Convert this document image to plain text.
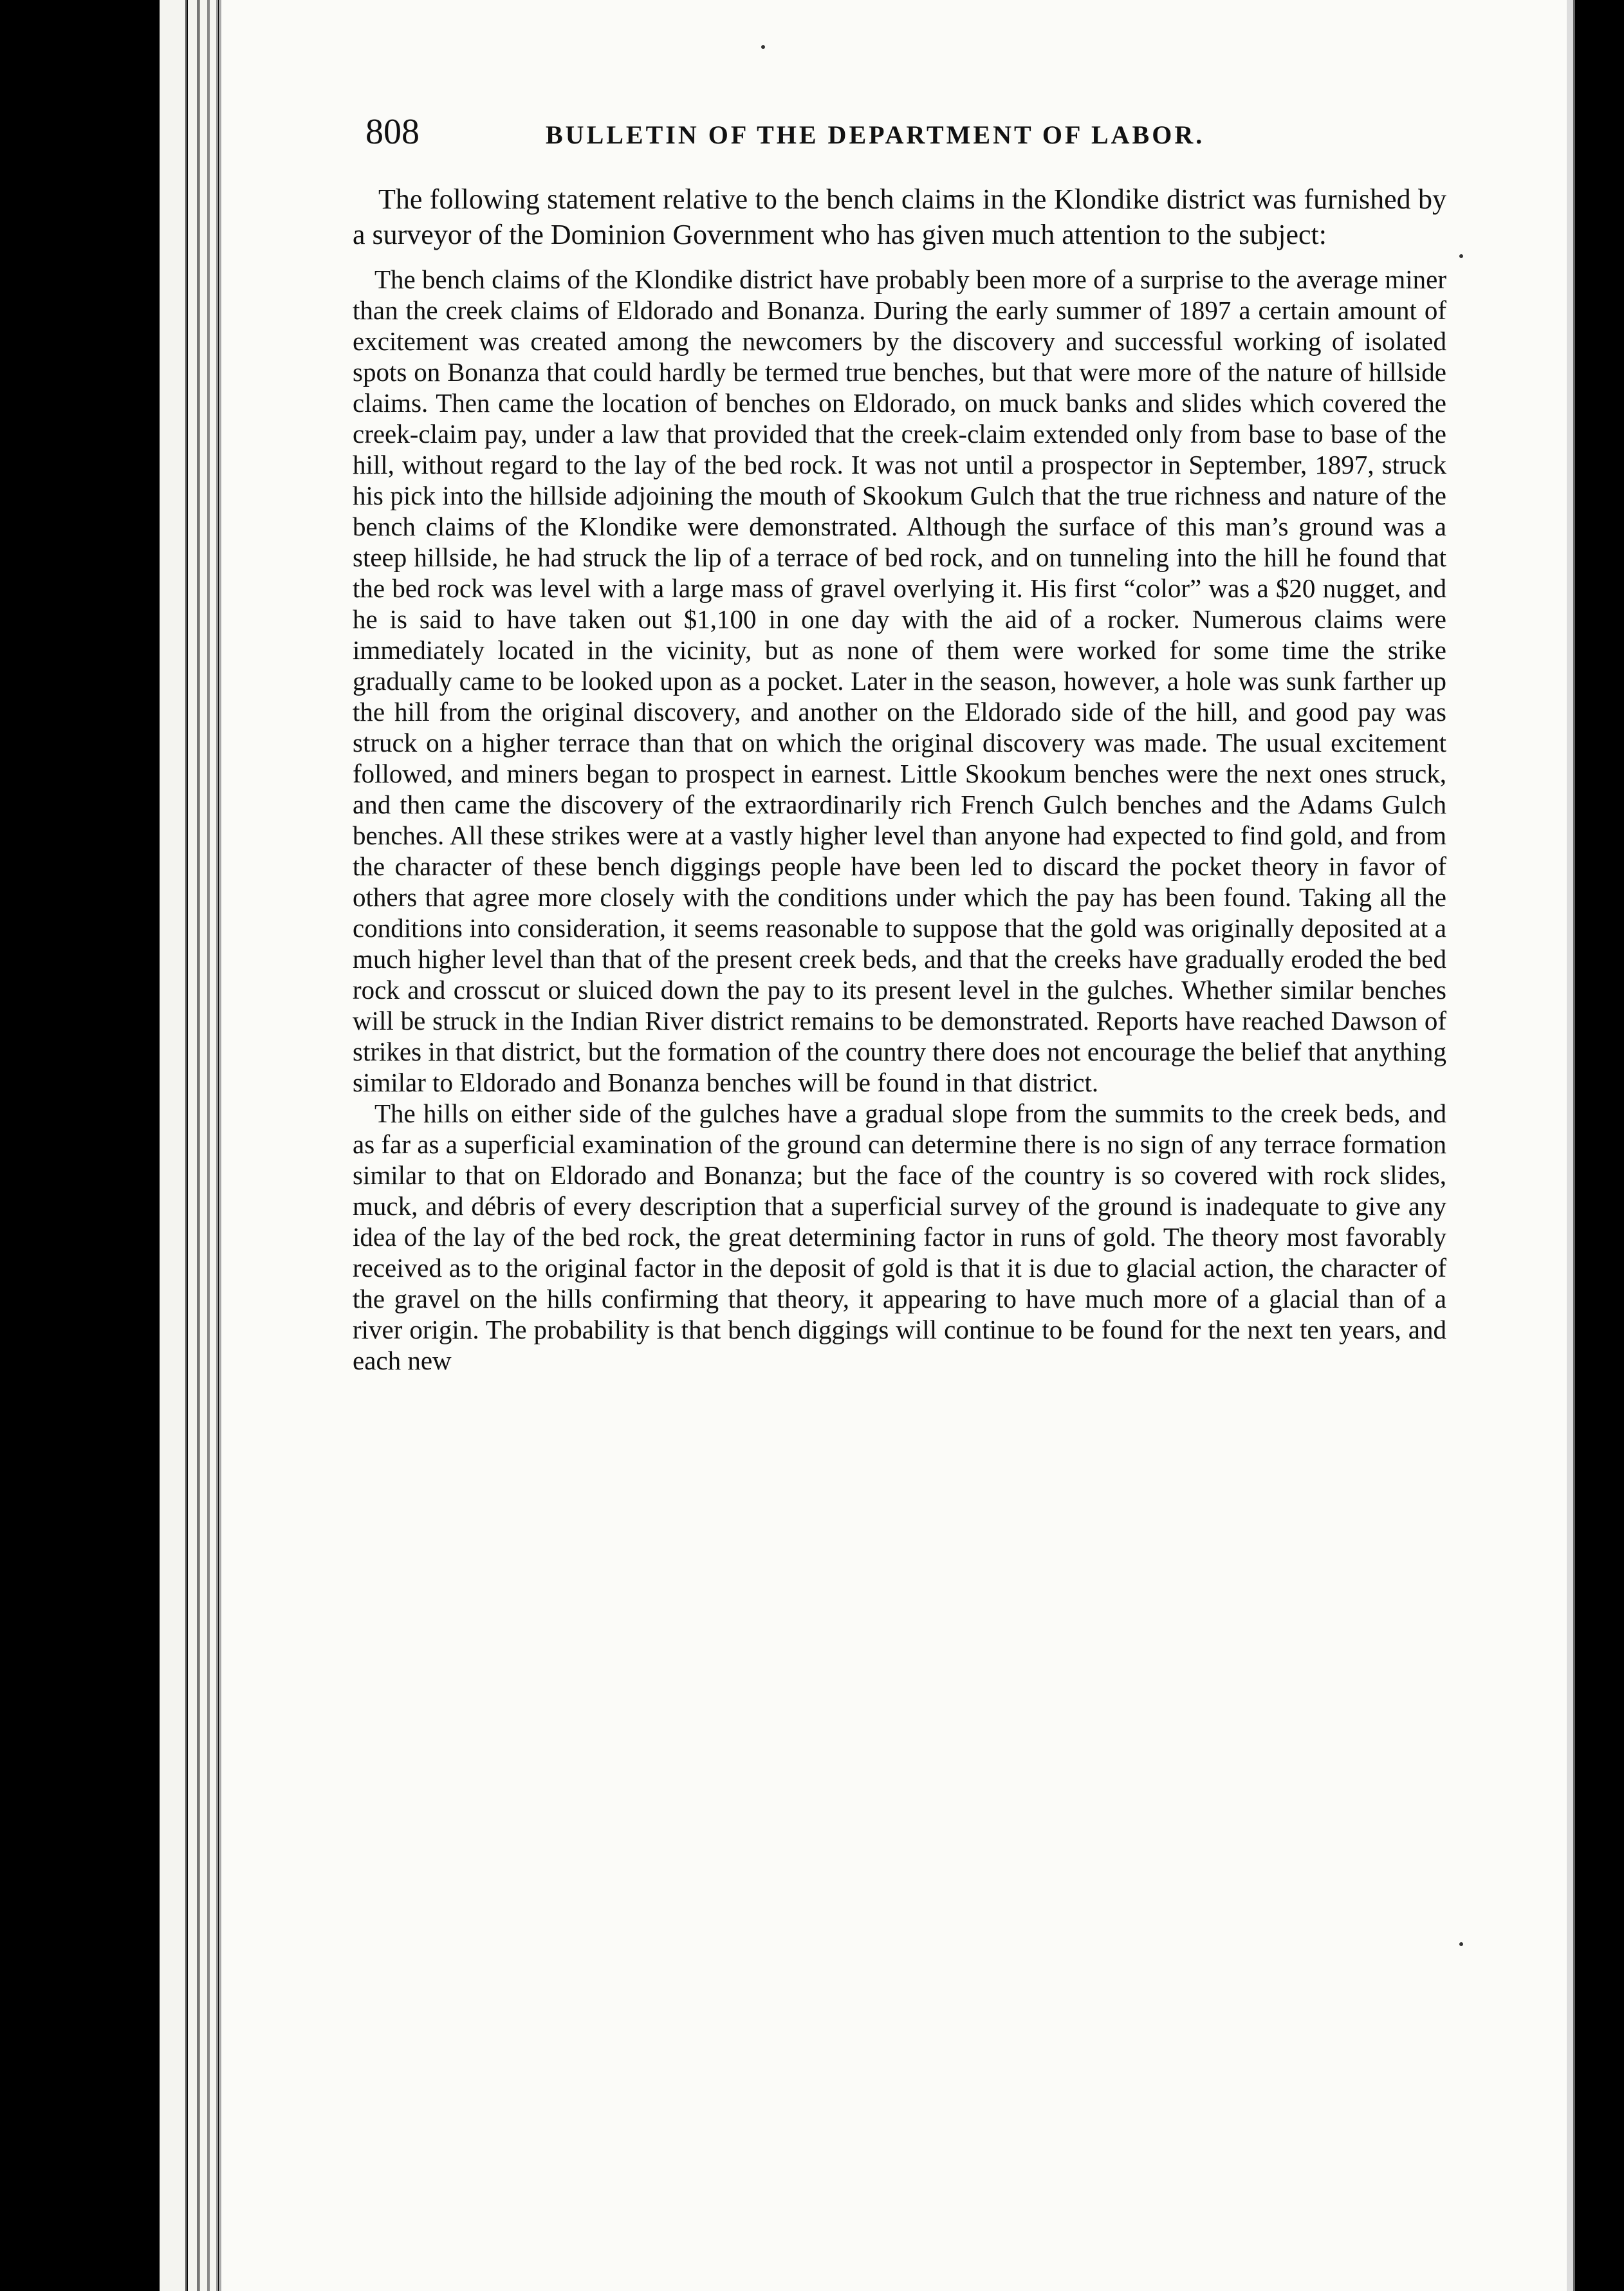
808	BULLETIN OF THE DEPARTMENT OF LABOR.

The following statement relative to the bench claims in the Klondike district was furnished by a surveyor of the Dominion Government who has given much attention to the subject:

The bench claims of the Klondike district have probably been more of a surprise to the average miner than the creek claims of Eldorado and Bonanza. During the early summer of 1897 a certain amount of excitement was created among the newcomers by the discovery and successful working of isolated spots on Bonanza that could hardly be termed true benches, but that were more of the nature of hillside claims. Then came the location of benches on Eldorado, on muck banks and slides which covered the creek-claim pay, under a law that provided that the creek-claim extended only from base to base of the hill, without regard to the lay of the bed rock. It was not until a prospector in September, 1897, struck his pick into the hillside adjoining the mouth of Skookum Gulch that the true richness and nature of the bench claims of the Klondike were demonstrated. Although the surface of this man’s ground was a steep hillside, he had struck the lip of a terrace of bed rock, and on tunneling into the hill he found that the bed rock was level with a large mass of gravel overlying it. His first “color” was a $20 nugget, and he is said to have taken out $1,100 in one day with the aid of a rocker. Numerous claims were immediately located in the vicinity, but as none of them were worked for some time the strike gradually came to be looked upon as a pocket. Later in the season, however, a hole was sunk farther up the hill from the original discovery, and another on the Eldorado side of the hill, and good pay was struck on a higher terrace than that on which the original discovery was made. The usual excitement followed, and miners began to prospect in earnest. Little Skookum benches were the next ones struck, and then came the discovery of the extraordinarily rich French Gulch benches and the Adams Gulch benches. All these strikes were at a vastly higher level than anyone had expected to find gold, and from the character of these bench diggings people have been led to discard the pocket theory in favor of others that agree more closely with the conditions under which the pay has been found. Taking all the conditions into consideration, it seems reasonable to suppose that the gold was originally deposited at a much higher level than that of the present creek beds, and that the creeks have gradually eroded the bed rock and crosscut or sluiced down the pay to its present level in the gulches. Whether similar benches will be struck in the Indian River district remains to be demonstrated. Reports have reached Dawson of strikes in that district, but the formation of the country there does not encourage the belief that anything similar to Eldorado and Bonanza benches will be found in that district.

The hills on either side of the gulches have a gradual slope from the summits to the creek beds, and as far as a superficial examination of the ground can determine there is no sign of any terrace formation similar to that on Eldorado and Bonanza; but the face of the country is so covered with rock slides, muck, and débris of every description that a superficial survey of the ground is inadequate to give any idea of the lay of the bed rock, the great determining factor in runs of gold. The theory most favorably received as to the original factor in the deposit of gold is that it is due to glacial action, the character of the gravel on the hills confirming that theory, it appearing to have much more of a glacial than of a river origin. The probability is that bench diggings will continue to be found for the next ten years, and each new
